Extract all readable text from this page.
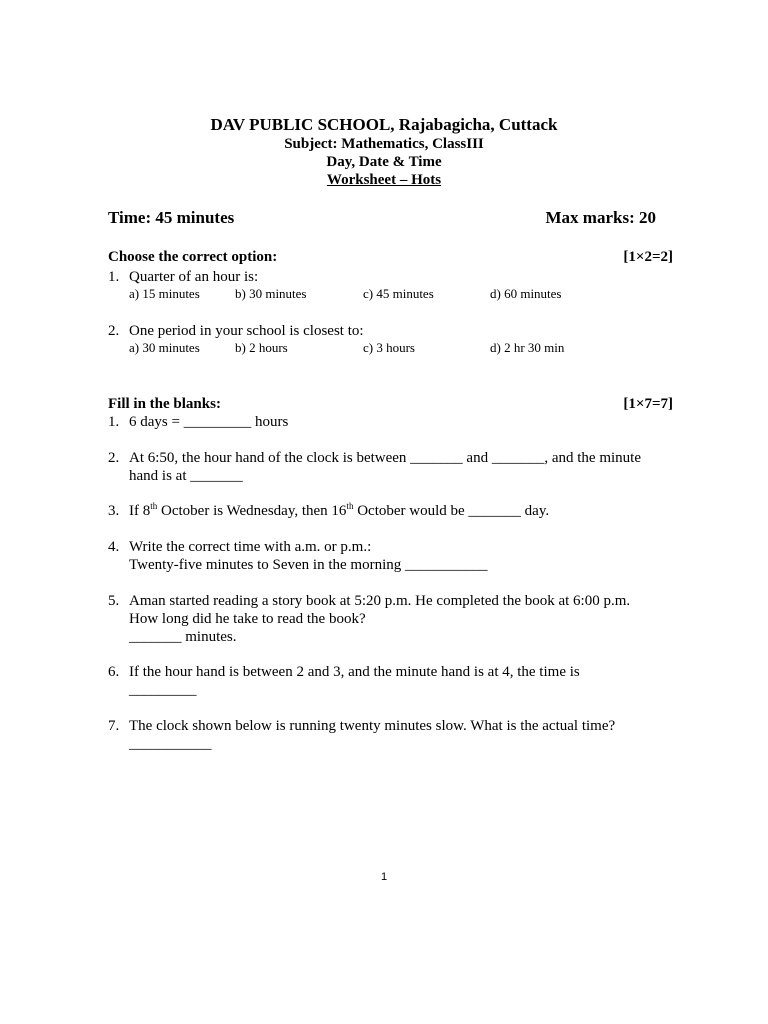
DAV PUBLIC SCHOOL, Rajabagicha, Cuttack
Subject: Mathematics, ClassIII
Day, Date & Time
Worksheet – Hots
Time: 45 minutes	Max marks: 20
Choose the correct option:	[1×2=2]
1. Quarter of an hour is:
a) 15 minutes	b) 30 minutes	c) 45 minutes	d) 60 minutes
2. One period in your school is closest to:
a) 30 minutes	b) 2 hours	c) 3 hours	d) 2 hr 30 min
Fill in the blanks:	[1×7=7]
1. 6 days = _________ hours
2. At 6:50, the hour hand of the clock is between _______ and _______, and the minute
hand is at _______
3. If 8th October is Wednesday, then 16th October would be _______ day.
4. Write the correct time with a.m. or p.m.:
Twenty-five minutes to Seven in the morning ___________
5. Aman started reading a story book at 5:20 p.m. He completed the book at 6:00 p.m.
How long did he take to read the book?
_______ minutes.
6. If the hour hand is between 2 and 3, and the minute hand is at 4, the time is
_________
7. The clock shown below is running twenty minutes slow. What is the actual time?
___________
1
